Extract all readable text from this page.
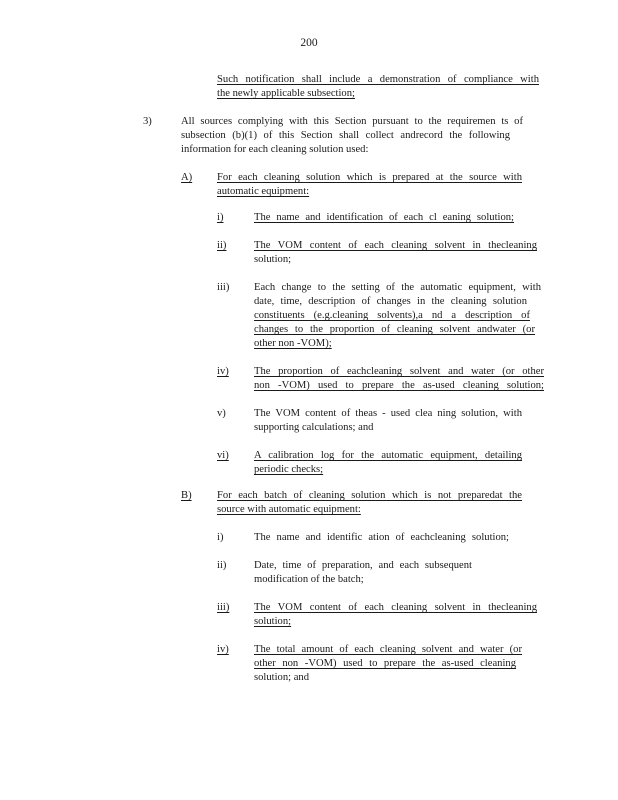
200
Such notification shall include a demonstration of compliance with
the newly applicable subsection;
3)	All sources complying with this Section pursuant to the requiremen ts of
subsection (b)(1) of this Section shall collect andrecord the following
information for each cleaning solution used:
A) For each cleaning solution which is prepared at the source with
automatic equipment:
i)	The name and identification of each cl eaning solution;
ii)	The VOM content of each cleaning solvent in thecleaning
solution;
iii) Each change to the setting of the automatic equipment, with
date, time, description of changes in the cleaning solution
constituents (e.g.cleaning solvents),a nd a description of
changes to the proportion of cleaning solvent andwater (or
other non -VOM);
iv) The proportion of eachcleaning solvent and water (or other
non -VOM) used to prepare the as-used cleaning solution;
v)	The VOM content of theas - used clea ning solution, with
supporting calculations; and
vi) A calibration log for the automatic equipment, detailing
periodic checks;
B) For each batch of cleaning solution which is not preparedat the
source with automatic equipment:
i)	The name and identific ation of eachcleaning solution;
ii)	Date, time of preparation, and each subsequent
modification of the batch;
iii) The VOM content of each cleaning solvent in thecleaning
solution;
iv) The total amount of each cleaning solvent and water (or
other non -VOM) used to prepare the as-used cleaning
solution; and
